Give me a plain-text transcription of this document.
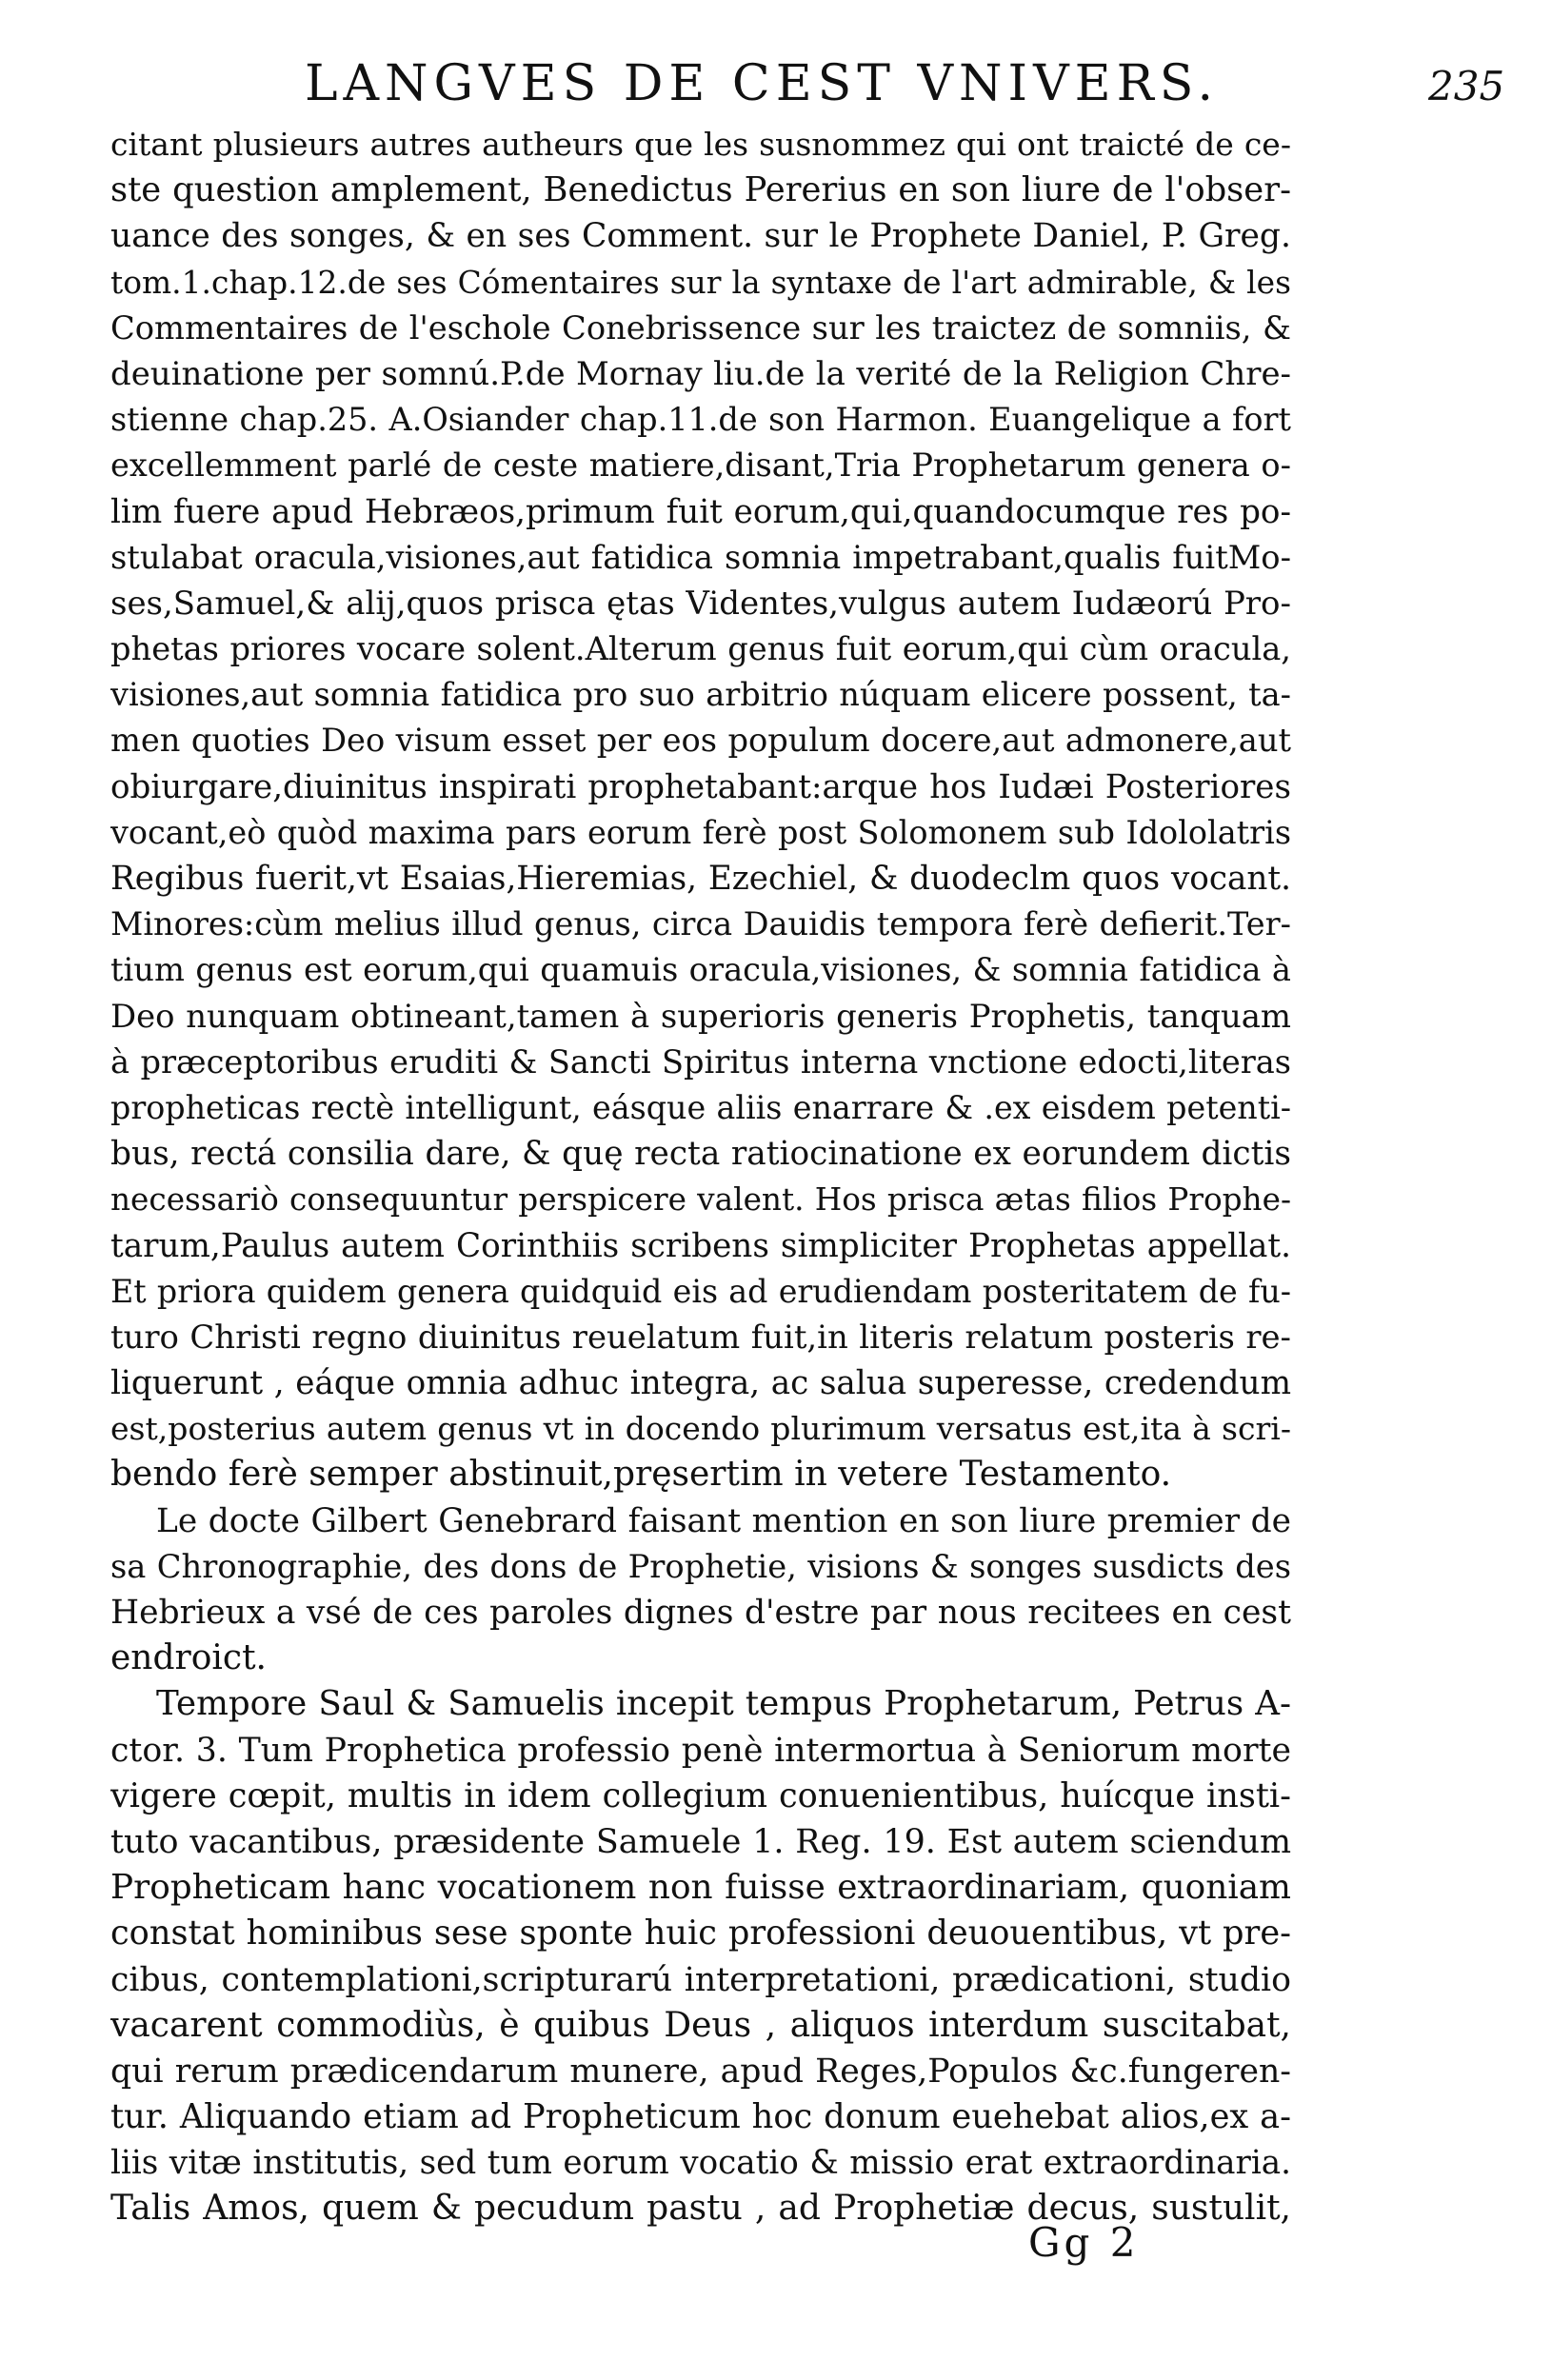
LANGVES DE CEST VNIVERS.	235
citant plusieurs autres autheurs que les susnommez qui ont traicté de ce-
ste question amplement, Benedictus Pererius en son liure de l'obser-
uance des songes, & en ses Comment. sur le Prophete Daniel, P. Greg.
tom.1.chap.12.de ses Cómentaires sur la syntaxe de l'art admirable, & les
Commentaires de l'eschole Conebrissence sur les traictez de somniis, &
deuinatione per somnú.P.de Mornay liu.de la verité de la Religion Chre-
stienne chap.25. A.Osiander chap.11.de son Harmon. Euangelique a fort
excellemment parlé de ceste matiere,disant,Tria Prophetarum genera o-
lim fuere apud Hebræos,primum fuit eorum,qui,quandocumque res po-
stulabat oracula,visiones,aut fatidica somnia impetrabant,qualis fuitMo-
ses,Samuel,& alij,quos prisca ętas Videntes,vulgus autem Iudæorú Pro-
phetas priores vocare solent.Alterum genus fuit eorum,qui cùm oracula,
visiones,aut somnia fatidica pro suo arbitrio núquam elicere possent, ta-
men quoties Deo visum esset per eos populum docere,aut admonere,aut
obiurgare,diuinitus inspirati prophetabant:arque hos Iudæi Posteriores
vocant,eò quòd maxima pars eorum ferè post Solomonem sub Idololatris
Regibus fuerit,vt Esaias,Hieremias, Ezechiel, & duodeclm quos vocant.
Minores:cùm melius illud genus, circa Dauidis tempora ferè defierit.Ter-
tium genus est eorum,qui quamuis oracula,visiones, & somnia fatidica à
Deo nunquam obtineant,tamen à superioris generis Prophetis, tanquam
à præceptoribus eruditi & Sancti Spiritus interna vnctione edocti,literas
propheticas rectè intelligunt, eásque aliis enarrare & .ex eisdem petenti-
bus, rectá consilia dare, & quę recta ratiocinatione ex eorundem dictis
necessariò consequuntur perspicere valent. Hos prisca ætas filios Prophe-
tarum,Paulus autem Corinthiis scribens simpliciter Prophetas appellat.
Et priora quidem genera quidquid eis ad erudiendam posteritatem de fu-
turo Christi regno diuinitus reuelatum fuit,in literis relatum posteris re-
liquerunt , eáque omnia adhuc integra, ac salua superesse, credendum
est,posterius autem genus vt in docendo plurimum versatus est,ita à scri-
bendo ferè semper abstinuit,pręsertim in vetere Testamento.
Le docte Gilbert Genebrard faisant mention en son liure premier de
sa Chronographie, des dons de Prophetie, visions & songes susdicts des
Hebrieux a vsé de ces paroles dignes d'estre par nous recitees en cest
endroict.
Tempore Saul & Samuelis incepit tempus Prophetarum, Petrus A-
ctor. 3. Tum Prophetica professio penè intermortua à Seniorum morte
vigere cœpit, multis in idem collegium conuenientibus, huícque insti-
tuto vacantibus, præsidente Samuele 1. Reg. 19. Est autem sciendum
Propheticam hanc vocationem non fuisse extraordinariam, quoniam
constat hominibus sese sponte huic professioni deuouentibus, vt pre-
cibus, contemplationi,scripturarú interpretationi, prædicationi, studio
vacarent commodiùs, è quibus Deus , aliquos interdum suscitabat,
qui rerum prædicendarum munere, apud Reges,Populos &c.fungeren-
tur. Aliquando etiam ad Propheticum hoc donum euehebat alios,ex a-
liis vitæ institutis, sed tum eorum vocatio & missio erat extraordinaria.
Talis Amos, quem & pecudum pastu , ad Prophetiæ decus, sustulit,
Gg 2
